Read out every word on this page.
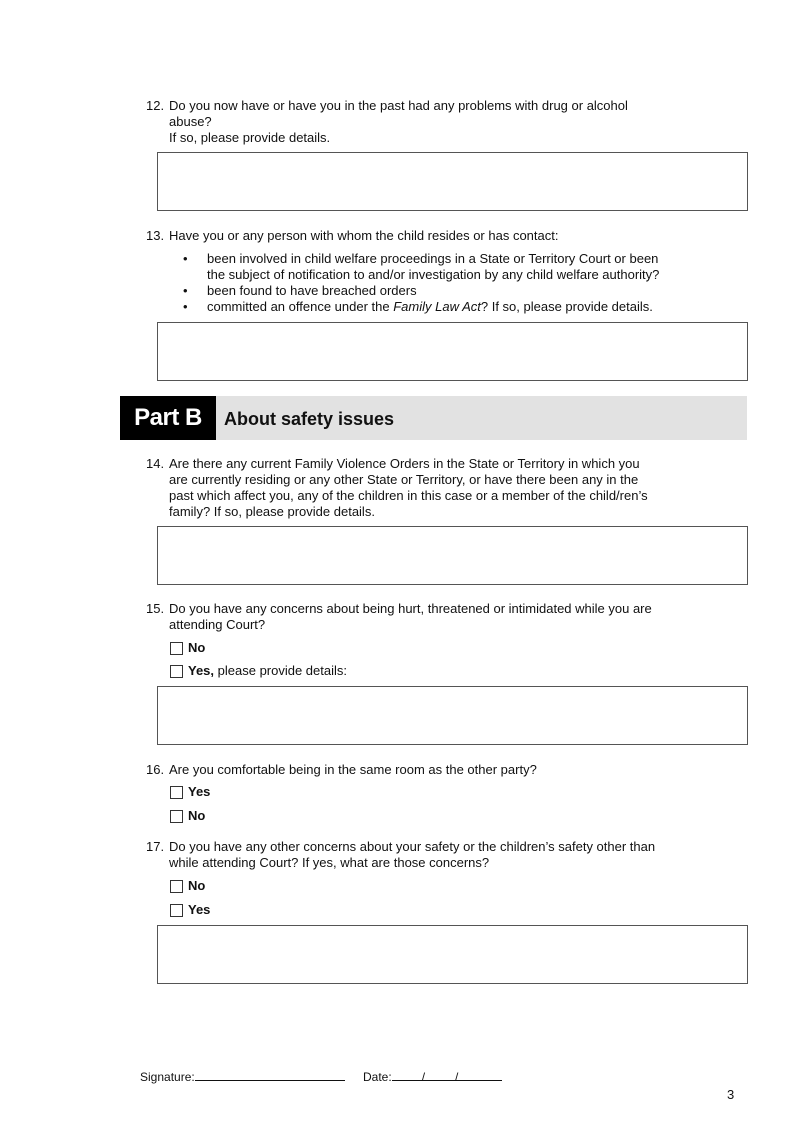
12. Do you now have or have you in the past had any problems with drug or alcohol
abuse?
If so, please provide details.
13. Have you or any person with whom the child resides or has contact:
• been involved in child welfare proceedings in a State or Territory Court or been
the subject of notification to and/or investigation by any child welfare authority?
• been found to have breached orders
• committed an offence under the Family Law Act? If so, please provide details.
Part B	About safety issues
14. Are there any current Family Violence Orders in the State or Territory in which you
are currently residing or any other State or Territory, or have there been any in the
past which affect you, any of the children in this case or a member of the child/ren’s
family? If so, please provide details.
15. Do you have any concerns about being hurt, threatened or intimidated while you are
attending Court?
No
Yes, please provide details:
16. Are you comfortable being in the same room as the other party?
Yes
No
17. Do you have any other concerns about your safety or the children’s safety other than
while attending Court? If yes, what are those concerns?
No
Yes
Signature:	Date:	/	/
3
